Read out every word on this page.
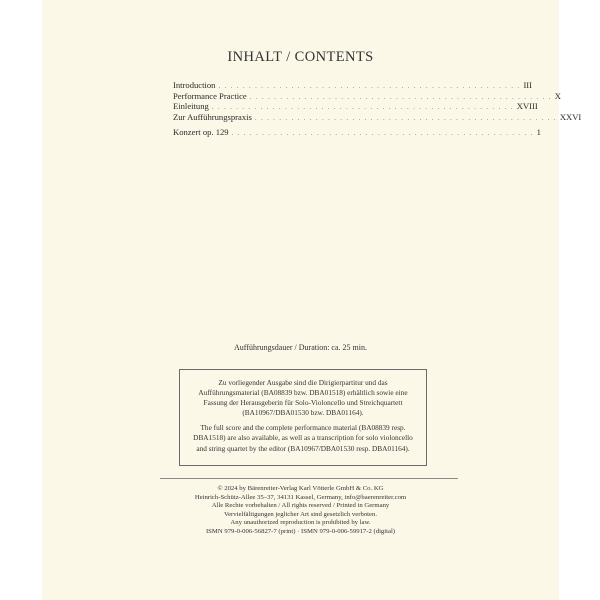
INHALT / CONTENTS
Introduction . . . . . . . . . . . . . . . . . . . . . . . . . . . . . . . . . . . . . . . . . . . . . . . . . . III
Performance Practice . . . . . . . . . . . . . . . . . . . . . . . . . . . . . . . . . . . . . . . . . . . . . . . . . . X
Einleitung . . . . . . . . . . . . . . . . . . . . . . . . . . . . . . . . . . . . . . . . . . . . . . . . . . XVIII
Zur Aufführungspraxis . . . . . . . . . . . . . . . . . . . . . . . . . . . . . . . . . . . . . . . . . . . . . . . . . . XXVI
Konzert op. 129 . . . . . . . . . . . . . . . . . . . . . . . . . . . . . . . . . . . . . . . . . . . . . . . . . . 1
Aufführungsdauer / Duration: ca. 25 min.

Zu vorliegender Ausgabe sind die Dirigierpartitur und das Aufführungsmaterial (BA08839 bzw. DBA01518) erhältlich sowie eine Fassung der Herausgeberin für Solo-Violoncello und Streichquartett (BA10967/DBA01530 bzw. DBA01164).

The full score and the complete performance material (BA08839 resp. DBA1518) are also available, as well as a transcription for solo violoncello and string quartet by the editor (BA10967/DBA01530 resp. DBA01164).

© 2024 by Bärenreiter-Verlag Karl Vötterle GmbH & Co. KG
Heinrich-Schütz-Allee 35–37, 34131 Kassel, Germany, info@baerenreiter.com
Alle Rechte vorbehalten / All rights reserved / Printed in Germany
Vervielfältigungen jeglicher Art sind gesetzlich verboten.
Any unauthorized reproduction is prohibited by law.
ISMN 979-0-006-56827-7 (print) · ISMN 979-0-006-59917-2 (digital)
